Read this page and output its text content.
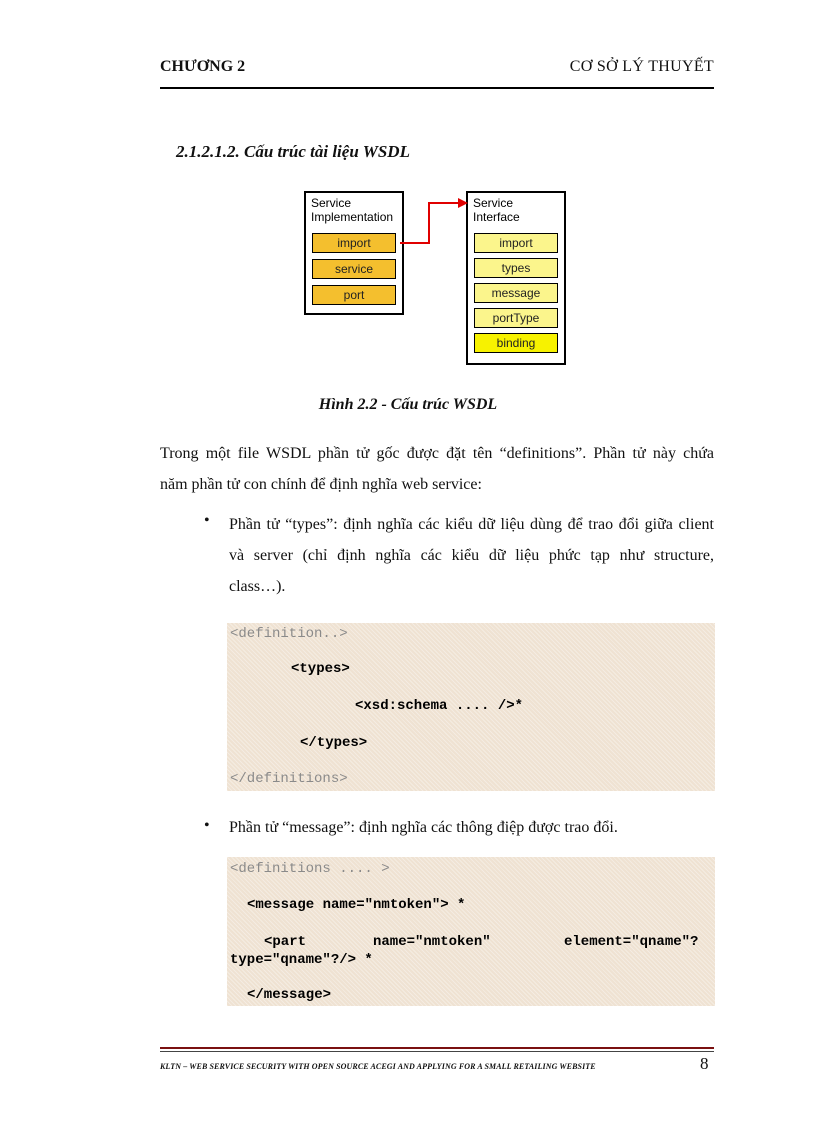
CHƯƠNG 2	CƠ SỞ LÝ THUYẾT
2.1.2.1.2. Cấu trúc tài liệu WSDL
Service
Implementation
import
service
port
Service
Interface
import
types
message
portType
binding
Hình 2.2 - Cấu trúc WSDL
Trong một file WSDL phần tử gốc được đặt tên “definitions”. Phần tử này chứa
năm phần tử con chính để định nghĩa web service:
• Phần tử “types”: định nghĩa các kiểu dữ liệu dùng để trao đổi giữa client
và server (chỉ định nghĩa các kiểu dữ liệu phức tạp như structure,
class…).
<definition..>
<types>
<xsd:schema .... />*
</types>
</definitions>
• Phần tử “message”: định nghĩa các thông điệp được trao đổi.
<definitions .... >
<message name="nmtoken"> *
<part	name="nmtoken"	element="qname"?
type="qname"?/> *
</message>
KLTN – WEB SERVICE SECURITY WITH OPEN SOURCE ACEGI AND APPLYING FOR A SMALL RETAILING WEBSITE	8
